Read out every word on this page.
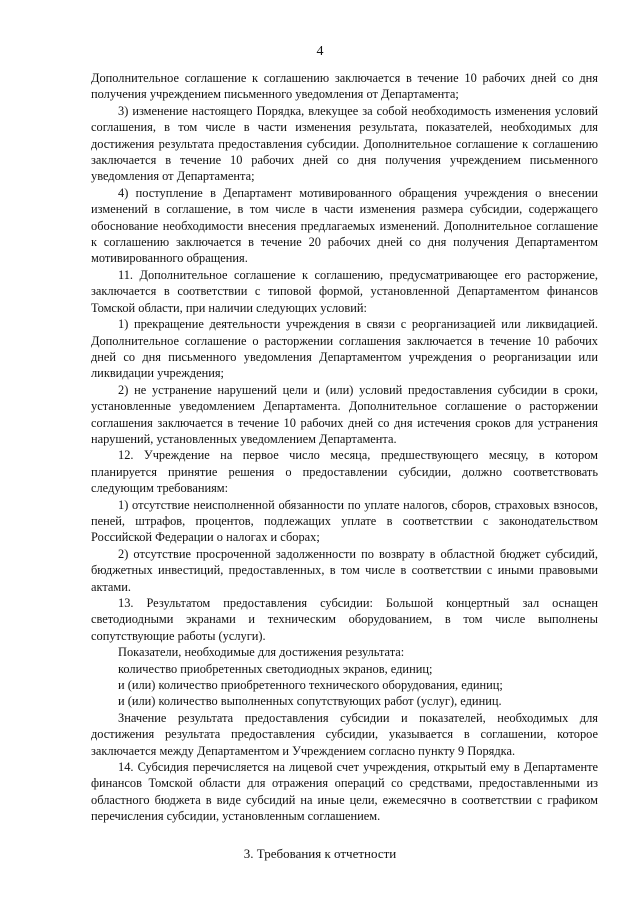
4

Дополнительное соглашение к соглашению заключается в течение 10 рабочих дней со дня получения учреждением письменного уведомления от Департамента;

3) изменение настоящего Порядка, влекущее за собой необходимость изменения условий соглашения, в том числе в части изменения результата, показателей, необходимых для достижения результата предоставления субсидии. Дополнительное соглашение к соглашению заключается в течение 10 рабочих дней со дня получения учреждением письменного уведомления от Департамента;

4) поступление в Департамент мотивированного обращения учреждения о внесении изменений в соглашение, в том числе в части изменения размера субсидии, содержащего обоснование необходимости внесения предлагаемых изменений. Дополнительное соглашение к соглашению заключается в течение 20 рабочих дней со дня получения Департаментом мотивированного обращения.

11. Дополнительное соглашение к соглашению, предусматривающее его расторжение, заключается в соответствии с типовой формой, установленной Департаментом финансов Томской области, при наличии следующих условий:

1) прекращение деятельности учреждения в связи с реорганизацией или ликвидацией. Дополнительное соглашение о расторжении соглашения заключается в течение 10 рабочих дней со дня письменного уведомления Департаментом учреждения о реорганизации или ликвидации учреждения;

2) не устранение нарушений цели и (или) условий предоставления субсидии в сроки, установленные уведомлением Департамента. Дополнительное соглашение о расторжении соглашения заключается в течение 10 рабочих дней со дня истечения сроков для устранения нарушений, установленных уведомлением Департамента.

12. Учреждение на первое число месяца, предшествующего месяцу, в котором планируется принятие решения о предоставлении субсидии, должно соответствовать следующим требованиям:

1) отсутствие неисполненной обязанности по уплате налогов, сборов, страховых взносов, пеней, штрафов, процентов, подлежащих уплате в соответствии с законодательством Российской Федерации о налогах и сборах;

2) отсутствие просроченной задолженности по возврату в областной бюджет субсидий, бюджетных инвестиций, предоставленных, в том числе в соответствии с иными правовыми актами.

13. Результатом предоставления субсидии: Большой концертный зал оснащен светодиодными экранами и техническим оборудованием, в том числе выполнены сопутствующие работы (услуги).

Показатели, необходимые для достижения результата:

количество приобретенных светодиодных экранов, единиц;

и (или) количество приобретенного технического оборудования, единиц;

и (или) количество выполненных сопутствующих работ (услуг), единиц.

Значение результата предоставления субсидии и показателей, необходимых для достижения результата предоставления субсидии, указывается в соглашении, которое заключается между Департаментом и Учреждением согласно пункту 9 Порядка.

14. Субсидия перечисляется на лицевой счет учреждения, открытый ему в Департаменте финансов Томской области для отражения операций со средствами, предоставленными из областного бюджета в виде субсидий на иные цели, ежемесячно в соответствии с графиком перечисления субсидии, установленным соглашением.

3. Требования к отчетности
